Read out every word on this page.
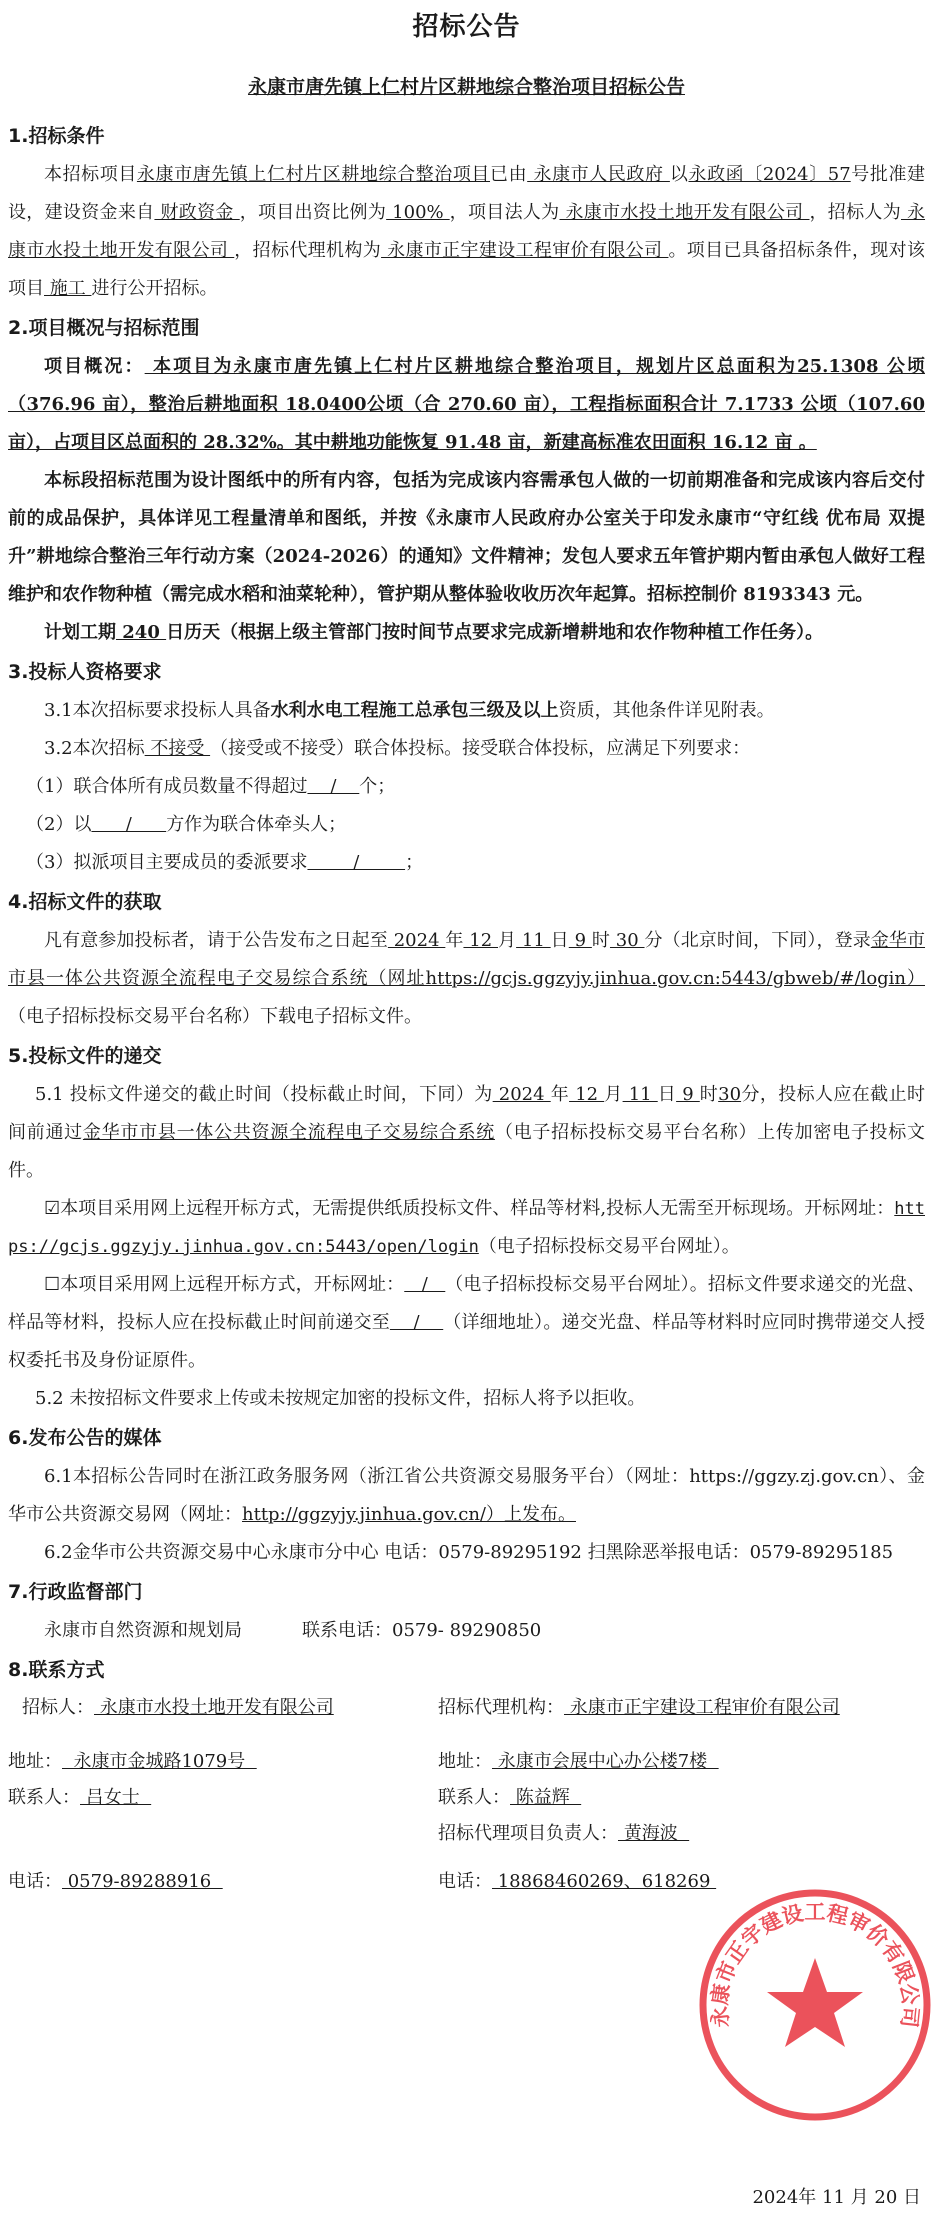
招标公告
永康市唐先镇上仁村片区耕地综合整治项目招标公告
1.招标条件

本招标项目永康市唐先镇上仁村片区耕地综合整治项目已由 永康市人民政府 以永政函〔2024〕57号批准建设，建设资金来自 财政资金 ，项目出资比例为 100% ，项目法人为 永康市水投土地开发有限公司 ，招标人为 永康市水投土地开发有限公司 ，招标代理机构为 永康市正宇建设工程审价有限公司 。项目已具备招标条件，现对该项目 施工 进行公开招标。

2.项目概况与招标范围

项目概况： 本项目为永康市唐先镇上仁村片区耕地综合整治项目，规划片区总面积为25.1308 公顷（376.96 亩），整治后耕地面积 18.0400公顷（合 270.60 亩），工程指标面积合计 7.1733 公顷（107.60亩），占项目区总面积的 28.32%。其中耕地功能恢复 91.48 亩，新建高标准农田面积 16.12 亩 。

本标段招标范围为设计图纸中的所有内容，包括为完成该内容需承包人做的一切前期准备和完成该内容后交付前的成品保护，具体详见工程量清单和图纸，并按《永康市人民政府办公室关于印发永康市“守红线 优布局 双提升”耕地综合整治三年行动方案（2024-2026）的通知》文件精神；发包人要求五年管护期内暂由承包人做好工程维护和农作物种植（需完成水稻和油菜轮种），管护期从整体验收收历次年起算。招标控制价 8193343 元。

计划工期 240 日历天（根据上级主管部门按时间节点要求完成新增耕地和农作物种植工作任务）。

3.投标人资格要求

3.1本次招标要求投标人具备水利水电工程施工总承包三级及以上资质，其他条件详见附表。

3.2本次招标 不接受 （接受或不接受）联合体投标。接受联合体投标，应满足下列要求：

（1）联合体所有成员数量不得超过    /    个；

（2）以      /      方作为联合体牵头人；

（3）拟派项目主要成员的委派要求        /        ；

4.招标文件的获取

凡有意参加投标者，请于公告发布之日起至 2024 年 12 月 11 日 9 时 30 分（北京时间，下同），登录金华市市县一体公共资源全流程电子交易综合系统（网址https://gcjs.ggzyjy.jinhua.gov.cn:5443/gbweb/#/login）（电子招标投标交易平台名称）下载电子招标文件。

5.投标文件的递交

5.1 投标文件递交的截止时间（投标截止时间，下同）为 2024 年 12 月 11 日 9 时30分，投标人应在截止时间前通过金华市市县一体公共资源全流程电子交易综合系统（电子招标投标交易平台名称）上传加密电子投标文件。

☑本项目采用网上远程开标方式，无需提供纸质投标文件、样品等材料,投标人无需至开标现场。开标网址：https://gcjs.ggzyjy.jinhua.gov.cn:5443/open/login（电子招标投标交易平台网址）。

☐本项目采用网上远程开标方式，开标网址：   /   （电子招标投标交易平台网址）。招标文件要求递交的光盘、样品等材料，投标人应在投标截止时间前递交至    /    （详细地址）。递交光盘、样品等材料时应同时携带递交人授权委托书及身份证原件。

5.2 未按招标文件要求上传或未按规定加密的投标文件，招标人将予以拒收。

6.发布公告的媒体

6.1本招标公告同时在浙江政务服务网（浙江省公共资源交易服务平台）（网址：https://ggzy.zj.gov.cn）、金华市公共资源交易网（网址：http://ggzyjy.jinhua.gov.cn/）上发布。

6.2金华市公共资源交易中心永康市分中心 电话：0579-89295192 扫黑除恶举报电话：0579-89295185

7.行政监督部门

永康市自然资源和规划局	联系电话：0579- 89290850

8.联系方式
招标人： 永康市水投土地开发有限公司	招标代理机构： 永康市正宇建设工程审价有限公司
地址：  永康市金城路1079号	地址： 永康市会展中心办公楼7楼
联系人： 吕女士	联系人： 陈益辉
招标代理项目负责人： 黄海波
电话： 0579-89288916	电话： 18868460269、618269
2024年 11 月 20 日
永康市正宇建设工程审价有限公司
